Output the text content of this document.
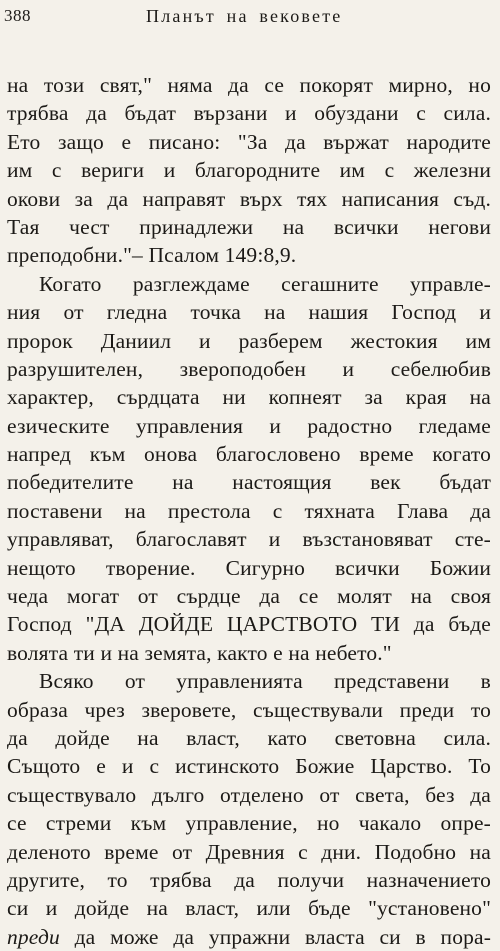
388	Планът на вековете
на този свят," няма да се покорят мирно, но
трябва да бъдат вързани и обуздани с сила.
Ето защо е писано: "За да вържат народите
им с вериги и благородните им с железни
окови за да направят върх тях написания съд.
Тая чест принадлежи на всички негови
преподобни."– Псалом 149:8,9.
Когато разглеждаме сегашните управле-
ния от гледна точка на нашия Господ и
пророк Даниил и разберем жестокия им
разрушителен, звероподобен и себелюбив
характер, сърдцата ни копнеят за края на
езическите управления и радостно гледаме
напред към онова благословено време когато
победителите на настоящия век бъдат
поставени на престола с тяхната Глава да
управляват, благославят и възстановяват сте-
нещото творение. Сигурно всички Божии
чеда могат от сърдце да се молят на своя
Господ "ДА ДОЙДЕ ЦАРСТВОТО ТИ да бъде
волята ти и на земята, както е на небето."
Всяко от управленията представени в
образа чрез зверовете, съществували преди то
да дойде на власт, като световна сила.
Същото е и с истинското Божие Царство. То
съществувало дълго отделено от света, без да
се стреми към управление, но чакало опре-
деленото време от Древния с дни. Подобно на
другите, то трябва да получи назначението
си и дойде на власт, или бъде "установено"
преди да може да упражни власта си в пора-
